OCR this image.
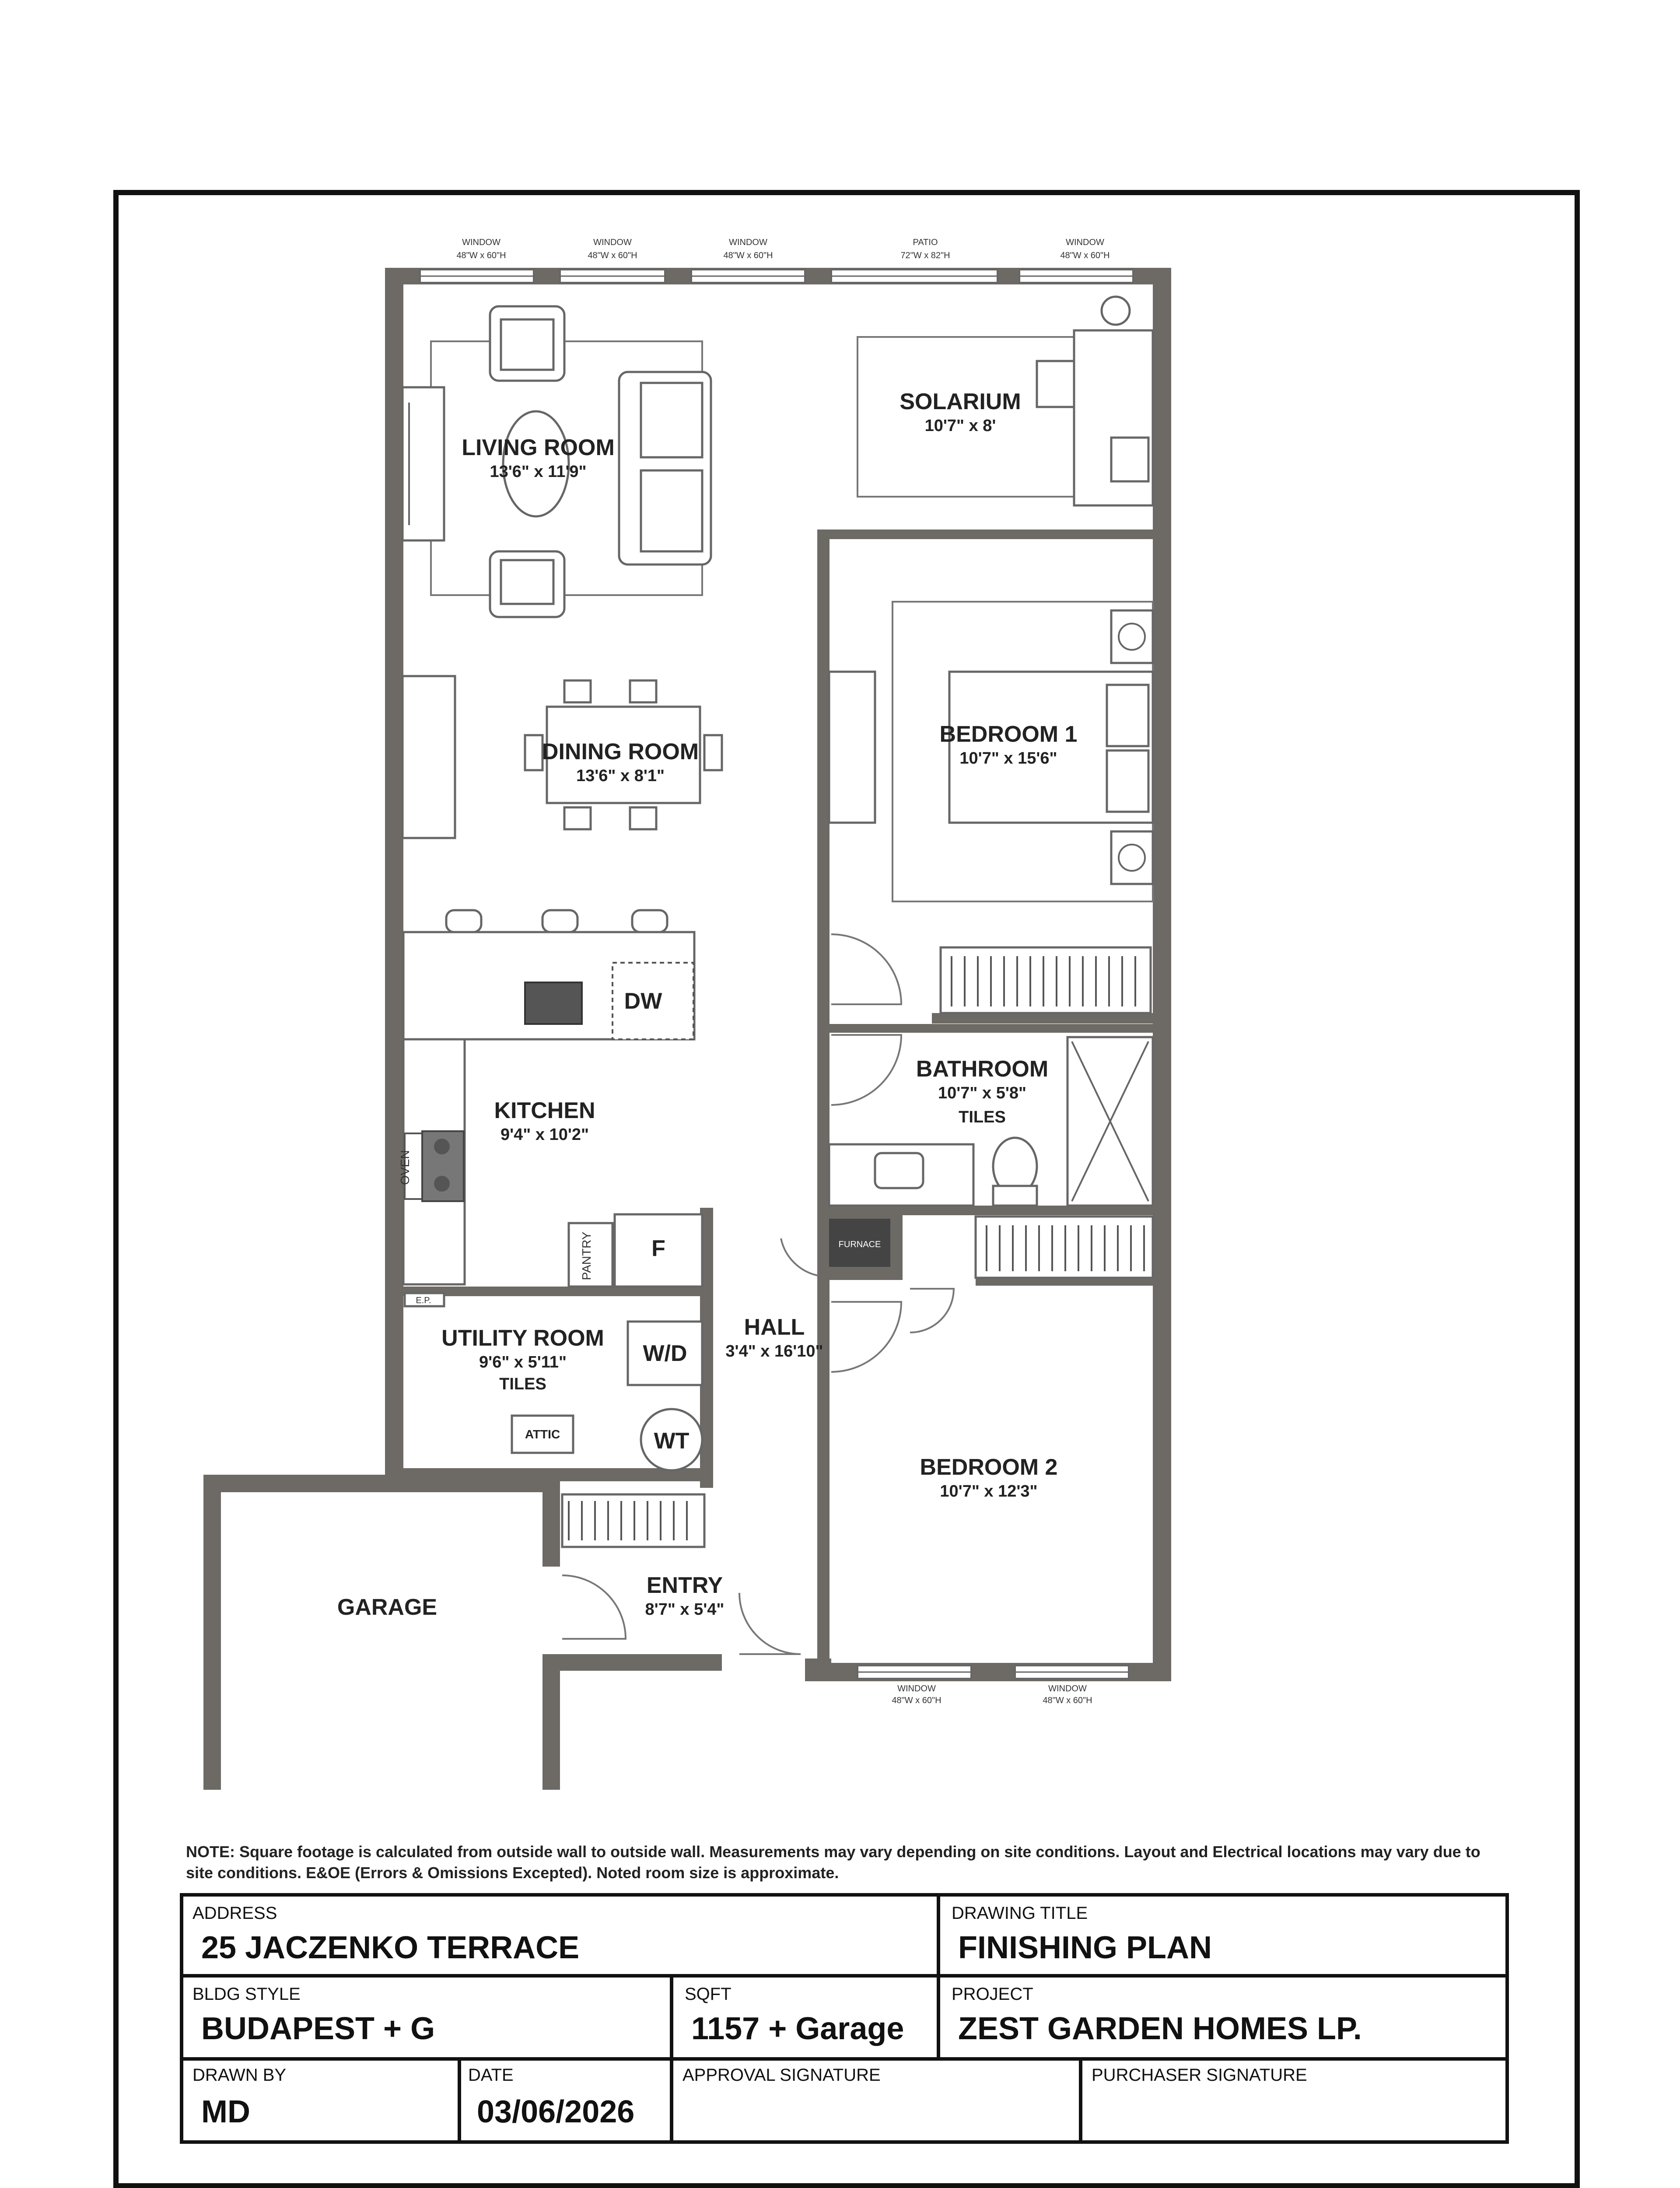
WINDOW
48"W x 60"H
WINDOW
48"W x 60"H
WINDOW
48"W x 60"H
PATIO
72"W x 82"H
WINDOW
48"W x 60"H
WINDOW
48"W x 60"H
WINDOW
48"W x 60"H
LIVING ROOM
13'6" x 11'9"
SOLARIUM
10'7" x 8'
DINING ROOM
13'6" x 8'1"
BEDROOM 1
10'7" x 15'6"
KITCHEN
9'4" x 10'2"
BATHROOM
10'7" x 5'8"
TILES
UTILITY ROOM
9'6" x 5'11"
TILES
HALL
3'4" x 16'10"
BEDROOM 2
10'7" x 12'3"
GARAGE
ENTRY
8'7" x 5'4"
DW
F
W/D
WT
ATTIC
FURNACE
PANTRY
OVEN
E.P.
NOTE: Square footage is calculated from outside wall to outside wall. Measurements may vary depending on site conditions. Layout and Electrical locations may vary due to site conditions. E&OE (Errors & Omissions Excepted). Noted room size is approximate.
ADDRESS
25 JACZENKO TERRACE
DRAWING TITLE
FINISHING PLAN
BLDG STYLE
BUDAPEST + G
SQFT
1157 + Garage
PROJECT
ZEST GARDEN HOMES LP.
DRAWN BY
MD
DATE
03/06/2026
APPROVAL SIGNATURE	PURCHASER SIGNATURE
